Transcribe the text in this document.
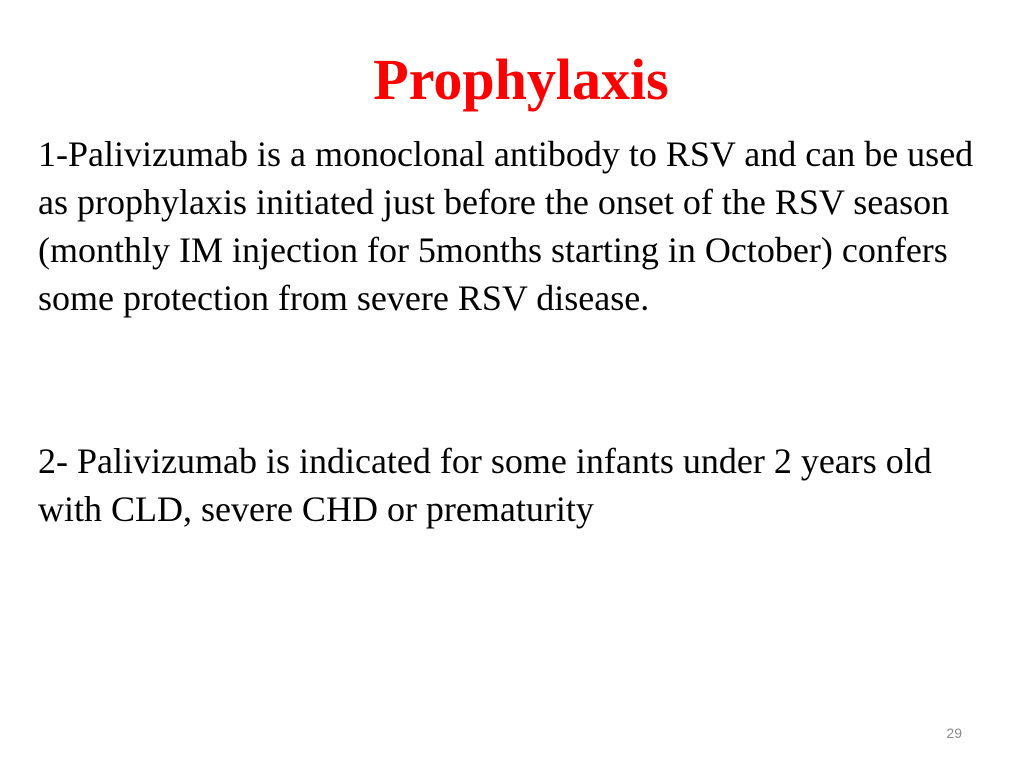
Prophylaxis

1-Palivizumab is a monoclonal antibody to RSV and can be used as prophylaxis initiated just before the onset of the RSV season (monthly IM injection for 5months starting in October) confers some protection from severe RSV disease.

2- Palivizumab is indicated for some infants under 2 years old with CLD, severe CHD or prematurity

29
